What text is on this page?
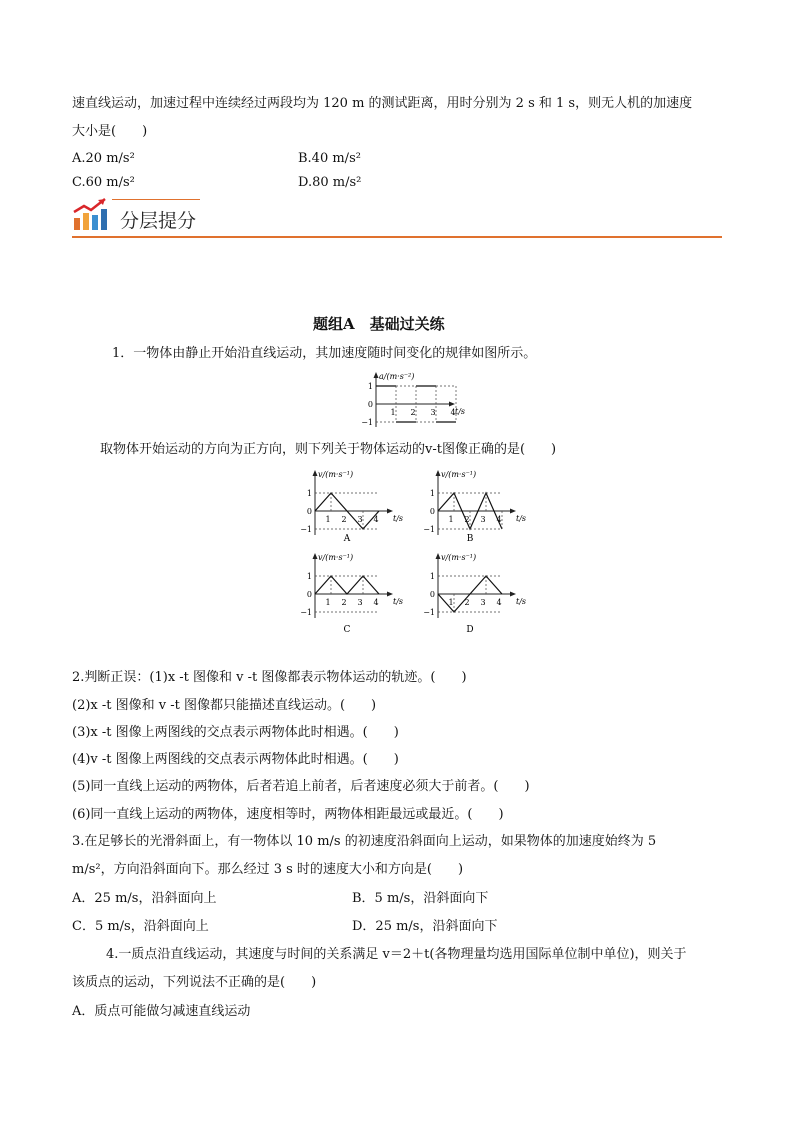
速直线运动，加速过程中连续经过两段均为 120 m 的测试距离，用时分别为 2 s 和 1 s，则无人机的加速度
大小是(　　)
A.20 m/s²	B.40 m/s²
C.60 m/s²	D.80 m/s²
分层提分
题组A　基础过关练
1．一物体由静止开始沿直线运动，其加速度随时间变化的规律如图所示。
a/(m·s⁻²)
t/s
1
0
−1
1 2 3 4
取物体开始运动的方向为正方向，则下列关于物体运动的v-t图像正确的是(　　)
v/(m·s⁻¹)
t/s
1
0
−1
1 2 3 4
A
v/(m·s⁻¹)
t/s
1
0
−1
1 2 3 4
B
v/(m·s⁻¹)
t/s
1
0
−1
1 2 3 4
C
v/(m·s⁻¹)
t/s
1
0
−1
1 2 3 4
D
2.判断正误：(1)x -t 图像和 v -t 图像都表示物体运动的轨迹。(　　)
(2)x -t 图像和 v -t 图像都只能描述直线运动。(　　)
(3)x -t 图像上两图线的交点表示两物体此时相遇。(　　)
(4)v -t 图像上两图线的交点表示两物体此时相遇。(　　)
(5)同一直线上运动的两物体，后者若追上前者，后者速度必须大于前者。(　　)
(6)同一直线上运动的两物体，速度相等时，两物体相距最远或最近。(　　)
3.在足够长的光滑斜面上，有一物体以 10 m/s 的初速度沿斜面向上运动，如果物体的加速度始终为 5
m/s²，方向沿斜面向下。那么经过 3 s 时的速度大小和方向是(　　)
A．25 m/s，沿斜面向上	B．5 m/s，沿斜面向下
C．5 m/s，沿斜面向上	D．25 m/s，沿斜面向下
4.一质点沿直线运动，其速度与时间的关系满足 v＝2＋t(各物理量均选用国际单位制中单位)，则关于
该质点的运动，下列说法不正确的是(　　)
A．质点可能做匀减速直线运动
